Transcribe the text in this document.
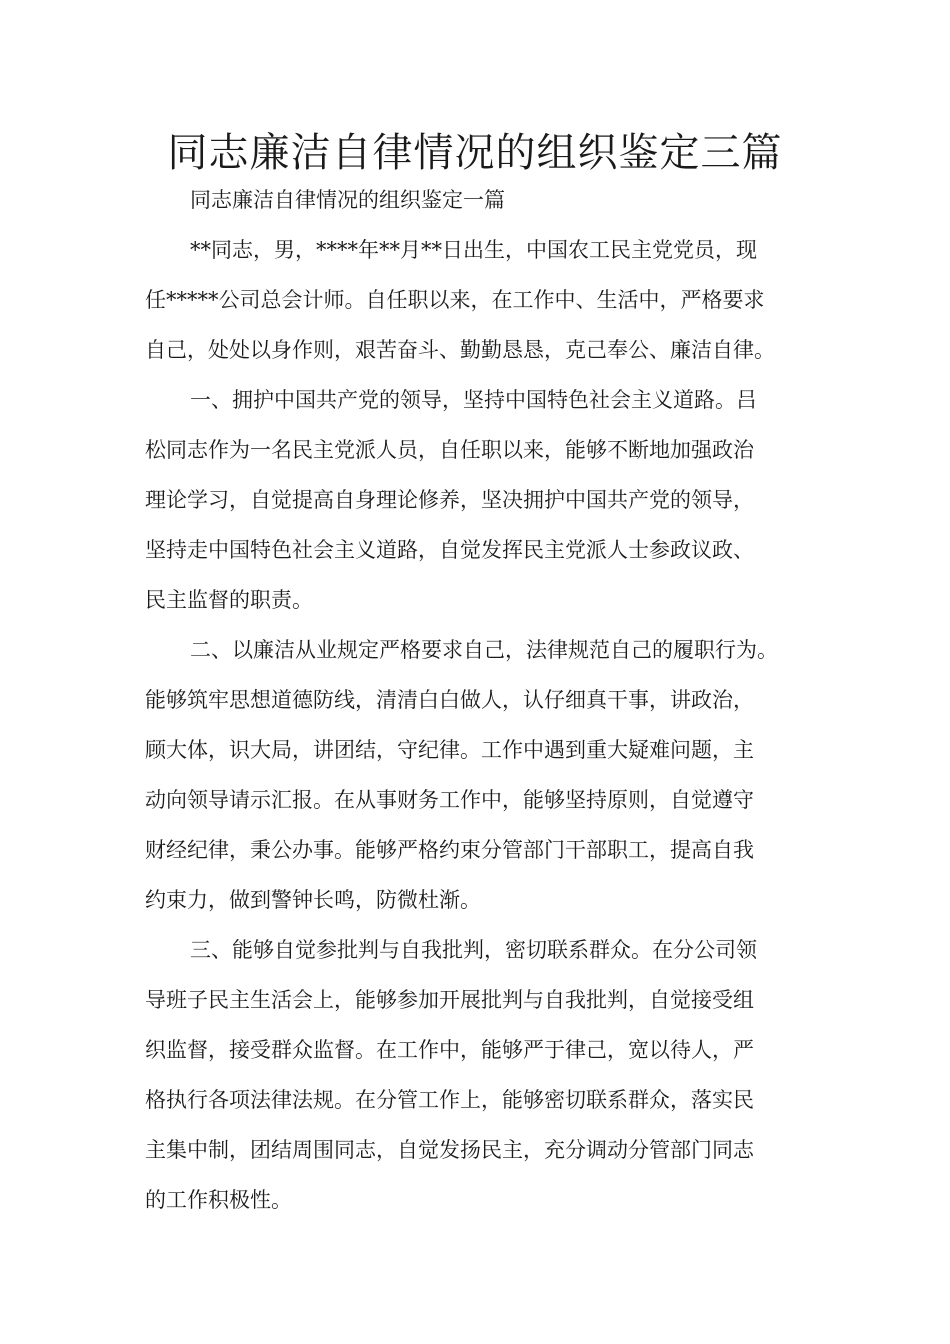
同志廉洁自律情况的组织鉴定三篇

同志廉洁自律情况的组织鉴定一篇

**同志，男，****年**月**日出生，中国农工民主党党员，现

任*****公司总会计师。自任职以来，在工作中、生活中，严格要求

自己，处处以身作则，艰苦奋斗、勤勤恳恳，克己奉公、廉洁自律。

一、拥护中国共产党的领导，坚持中国特色社会主义道路。吕

松同志作为一名民主党派人员，自任职以来，能够不断地加强政治

理论学习，自觉提高自身理论修养，坚决拥护中国共产党的领导，

坚持走中国特色社会主义道路，自觉发挥民主党派人士参政议政、

民主监督的职责。

二、以廉洁从业规定严格要求自己，法律规范自己的履职行为。

能够筑牢思想道德防线，清清白白做人，认仔细真干事，讲政治，

顾大体，识大局，讲团结，守纪律。工作中遇到重大疑难问题，主

动向领导请示汇报。在从事财务工作中，能够坚持原则，自觉遵守

财经纪律，秉公办事。能够严格约束分管部门干部职工，提高自我

约束力，做到警钟长鸣，防微杜渐。

三、能够自觉参批判与自我批判，密切联系群众。在分公司领

导班子民主生活会上，能够参加开展批判与自我批判，自觉接受组

织监督，接受群众监督。在工作中，能够严于律己，宽以待人，严

格执行各项法律法规。在分管工作上，能够密切联系群众，落实民

主集中制，团结周围同志，自觉发扬民主，充分调动分管部门同志

的工作积极性。
